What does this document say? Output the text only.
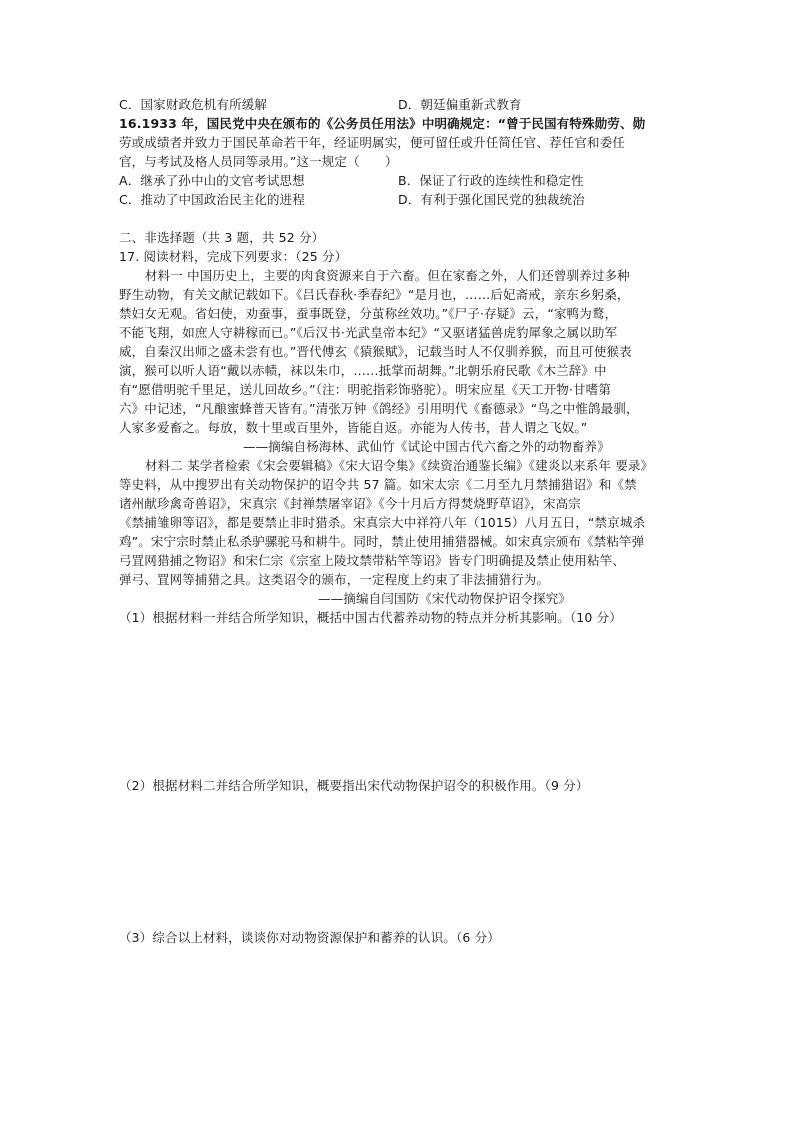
C．国家财政危机有所缓解	D．朝廷偏重新式教育
16.1933 年，国民党中央在颁布的《公务员任用法》中明确规定：“曾于民国有特殊勋劳、勋
劳或成绩者并致力于国民革命若干年，经证明属实，便可留任或升任简任官、荐任官和委任
官，与考试及格人员同等录用。”这一规定（　　）
A．继承了孙中山的文官考试思想	B．保证了行政的连续性和稳定性
C．推动了中国政治民主化的进程	D．有利于强化国民党的独裁统治
二、非选择题（共 3 题，共 52 分）
17. 阅读材料，完成下列要求：（25 分）
材料一 中国历史上，主要的肉食资源来自于六畜。但在家畜之外，人们还曾驯养过多种
野生动物，有关文献记载如下。《吕氏春秋·季春纪》“是月也，……后妃斋戒，亲东乡躬桑，
禁妇女无观。省妇使，劝蚕事，蚕事既登，分茧称丝效功。”《尸子·存疑》云，“家鸭为鹜，
不能飞翔，如庶人守耕稼而已。”《后汉书·光武皇帝本纪》“又驱诸猛兽虎豹犀象之属以助军
威，自秦汉出师之盛未尝有也。”晋代傅玄《猿猴赋》，记载当时人不仅驯养猴，而且可使猴表
演，猴可以听人语“戴以赤帻，袜以朱巾，……抵掌而胡舞。”北朝乐府民歌《木兰辞》中
有“愿借明驼千里足，送儿回故乡。”（注：明驼指彩饰骆驼）。明宋应星《天工开物·甘嗜第
六》中记述，“凡酿蜜蜂普天皆有。”清张万钟《鸽经》引用明代《畜德录》“鸟之中惟鸽最驯，
人家多爱畜之。每放，数十里或百里外，皆能自返。亦能为人传书，昔人谓之飞奴。”
——摘编自杨海林、武仙竹《试论中国古代六畜之外的动物畜养》
材料二 某学者检索《宋会要辑稿》《宋大诏令集》《续资治通鉴长编》《建炎以来系年 要录》
等史料，从中搜罗出有关动物保护的诏令共 57 篇。如宋太宗《二月至九月禁捕猎诏》和《禁
诸州献珍禽奇兽诏》，宋真宗《封禅禁屠宰诏》《今十月后方得焚烧野草诏》，宋高宗
《禁捕雏卵等诏》，都是要禁止非时猎杀。宋真宗大中祥符八年（1015）八月五日，“禁京城杀
鸡”。宋宁宗时禁止私杀驴骡驼马和耕牛。同时，禁止使用捕猎器械。如宋真宗颁布《禁粘竿弹
弓罝网猎捕之物诏》和宋仁宗《宗室上陵坟禁带粘竿等诏》皆专门明确提及禁止使用粘竿、
弹弓、罝网等捕猎之具。这类诏令的颁布，一定程度上约束了非法捕猎行为。
——摘编自闫国防《宋代动物保护诏令探究》
（1）根据材料一并结合所学知识，概括中国古代蓄养动物的特点并分析其影响。（10 分）
（2）根据材料二并结合所学知识，概要指出宋代动物保护诏令的积极作用。（9 分）
（3）综合以上材料，谈谈你对动物资源保护和蓄养的认识。（6 分）
